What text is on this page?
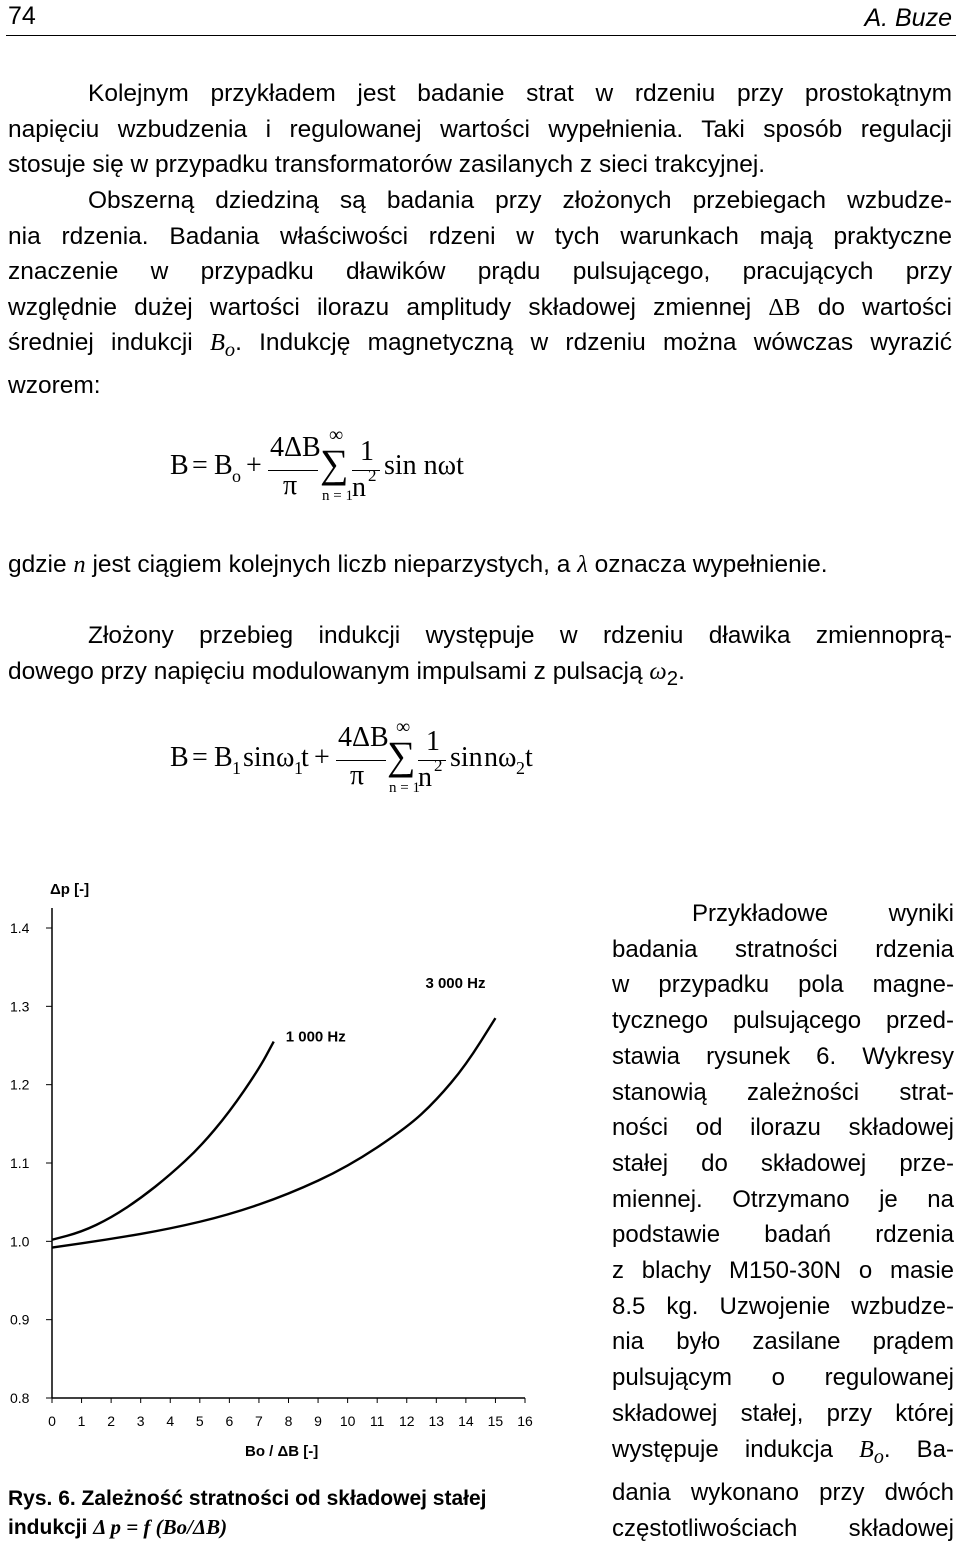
74	A. Buze
Kolejnym przykładem jest badanie strat w rdzeniu przy prostokątnym
napięciu wzbudzenia i regulowanej wartości wypełnienia. Taki sposób regulacji
stosuje się w przypadku transformatorów zasilanych z sieci trakcyjnej.
Obszerną dziedziną są badania przy złożonych przebiegach wzbudze-
nia rdzenia. Badania właściwości rdzeni w tych warunkach mają praktyczne
znaczenie w przypadku dławików prądu pulsującego, pracujących przy
względnie dużej wartości ilorazu amplitudy składowej zmiennej ΔB do wartości
średniej indukcji $B_o$. Indukcję magnetyczną w rdzeniu można wówczas wyrazić
wzorem:
B = B o +
4ΔB
π
∞
∑
n = 1
1
n 2 sin nωt
gdzie n jest ciągiem kolejnych liczb nieparzystych, a λ oznacza wypełnienie.
Złożony przebieg indukcji występuje w rdzeniu dławika zmiennoprą-
dowego przy napięciu modulowanym impulsami z pulsacją $\omega_2$.
B = B 1 sin ω 1
t +
4ΔB
π
∞
∑
n = 1
1
n 2 sin n ω 2 t
0.8
0.9
1.0
1.1
1.2
1.3
1.4
0 1 2 3 4 5 6 7 8 9 10 11 12 13 14 15 16
1 000 Hz
3 000 Hz
Δp [-]
Bo / ΔB [-]
Rys. 6. Zależność stratności od składowej stałej
indukcji Δ p = f (Bo/ΔB)
Przykładowe wyniki
badania stratności rdzenia
w przypadku pola magne-
tycznego pulsującego przed-
stawia rysunek 6. Wykresy
stanowią zależności strat-
ności od ilorazu składowej
stałej do składowej prze-
miennej. Otrzymano je na
podstawie badań rdzenia
z blachy M150-30N o masie
8.5 kg. Uzwojenie wzbudze-
nia było zasilane prądem
pulsującym o regulowanej
składowej stałej, przy której
występuje indukcja $B_o$. Ba-
dania wykonano przy dwóch
częstotliwościach składowej
